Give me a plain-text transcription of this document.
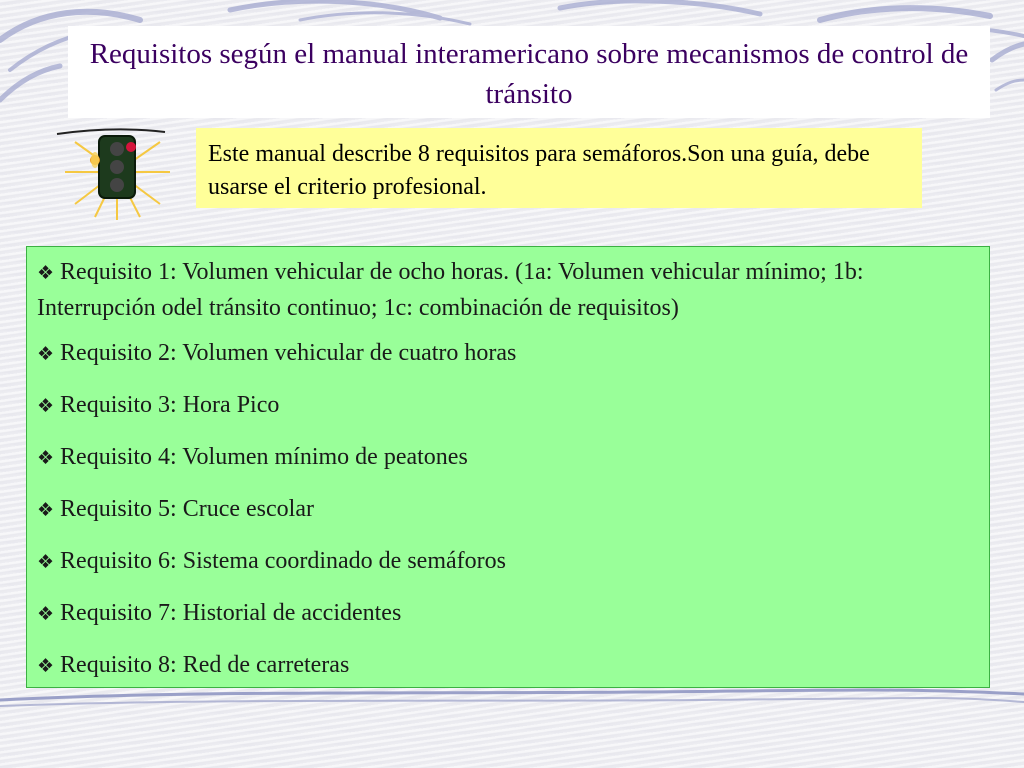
Requisitos según el manual interamericano sobre mecanismos de control de tránsito
Este manual describe 8 requisitos para semáforos.Son una guía, debe usarse el criterio profesional.

❖ Requisito 1: Volumen vehicular de ocho horas. (1a: Volumen vehicular mínimo; 1b: Interrupción odel tránsito continuo; 1c: combinación de requisitos)

❖ Requisito 2: Volumen vehicular de cuatro horas

❖ Requisito 3: Hora Pico

❖ Requisito 4: Volumen mínimo de peatones

❖ Requisito 5: Cruce escolar

❖ Requisito 6: Sistema coordinado de semáforos

❖ Requisito 7: Historial de accidentes

❖ Requisito 8: Red de carreteras
